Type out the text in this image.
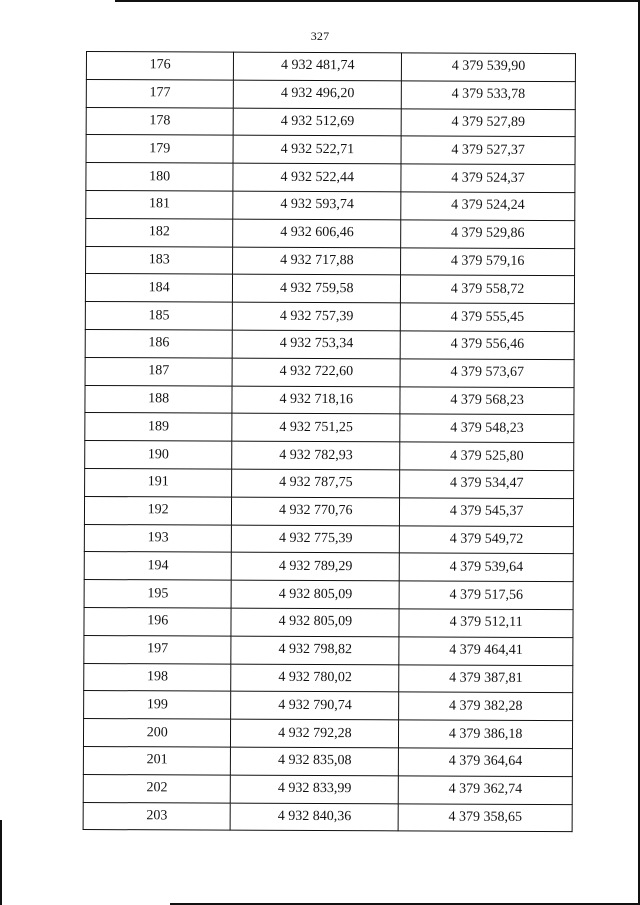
327
176	4 932 481,74	4 379 539,90
177	4 932 496,20	4 379 533,78
178	4 932 512,69	4 379 527,89
179	4 932 522,71	4 379 527,37
180	4 932 522,44	4 379 524,37
181	4 932 593,74	4 379 524,24
182	4 932 606,46	4 379 529,86
183	4 932 717,88	4 379 579,16
184	4 932 759,58	4 379 558,72
185	4 932 757,39	4 379 555,45
186	4 932 753,34	4 379 556,46
187	4 932 722,60	4 379 573,67
188	4 932 718,16	4 379 568,23
189	4 932 751,25	4 379 548,23
190	4 932 782,93	4 379 525,80
191	4 932 787,75	4 379 534,47
192	4 932 770,76	4 379 545,37
193	4 932 775,39	4 379 549,72
194	4 932 789,29	4 379 539,64
195	4 932 805,09	4 379 517,56
196	4 932 805,09	4 379 512,11
197	4 932 798,82	4 379 464,41
198	4 932 780,02	4 379 387,81
199	4 932 790,74	4 379 382,28
200	4 932 792,28	4 379 386,18
201	4 932 835,08	4 379 364,64
202	4 932 833,99	4 379 362,74
203	4 932 840,36	4 379 358,65
